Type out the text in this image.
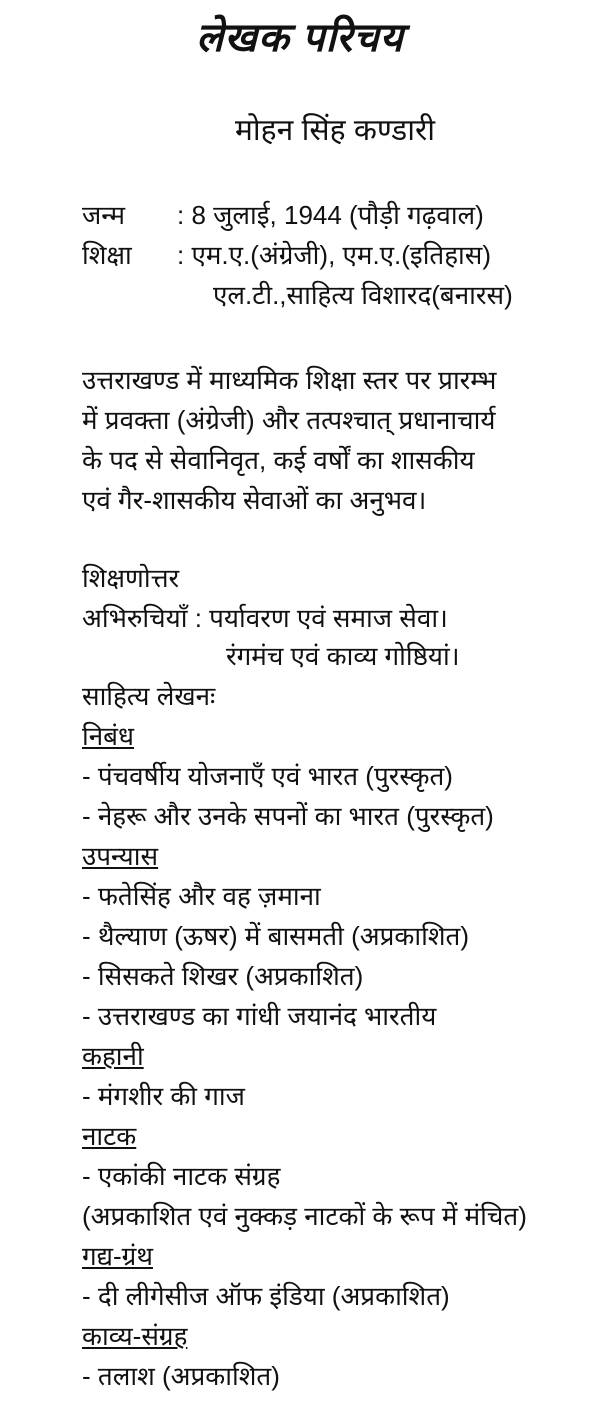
लेखक परिचय
मोहन सिंह कण्डारी
जन्म : 8 जुलाई, 1944 (पौड़ी गढ़वाल)
शिक्षा : एम.ए.(अंग्रेजी), एम.ए.(इतिहास)
एल.टी.,साहित्य विशारद(बनारस)
उत्तराखण्ड में माध्यमिक शिक्षा स्तर पर प्रारम्भ
में प्रवक्ता (अंग्रेजी) और तत्पश्चात् प्रधानाचार्य
के पद से सेवानिवृत, कई वर्षों का शासकीय
एवं गैर-शासकीय सेवाओं का अनुभव।
शिक्षणोत्तर
अभिरुचियाँ : पर्यावरण एवं समाज सेवा।
रंगमंच एवं काव्य गोष्ठियां।
साहित्य लेखनः
निबंध
- पंचवर्षीय योजनाएँ एवं भारत (पुरस्कृत)
- नेहरू और उनके सपनों का भारत (पुरस्कृत)
उपन्यास
- फतेसिंह और वह ज़माना
- थैल्याण (ऊषर) में बासमती (अप्रकाशित)
- सिसकते शिखर (अप्रकाशित)
- उत्तराखण्ड का गांधी जयानंद भारतीय
कहानी
- मंगशीर की गाज
नाटक
- एकांकी नाटक संग्रह
(अप्रकाशित एवं नुक्कड़ नाटकों के रूप में मंचित)
गद्य-ग्रंथ
- दी लीगेसीज ऑफ इंडिया (अप्रकाशित)
काव्य-संग्रह
- तलाश (अप्रकाशित)
